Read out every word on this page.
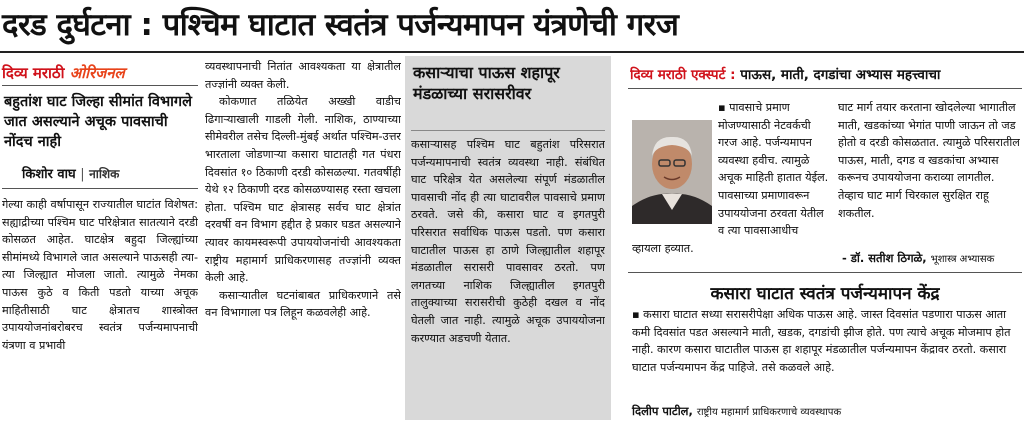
दरड दुर्घटना : पश्चिम घाटात स्वतंत्र पर्जन्यमापन यंत्रणेची गरज
दिव्य मराठी ओरिजनल
बहुतांश घाट जिल्हा सीमांत विभागले जात असल्याने अचूक पावसाची नोंदच नाही
किशोर वाघ | नाशिक

गेल्या काही वर्षापासून राज्यातील घाटांत विशेषत: सह्याद्रीच्या पश्चिम घाट परिक्षेत्रात सातत्याने दरडी कोसळत आहेत. घाटक्षेत्र बहुदा जिल्ह्यांच्या सीमांमध्ये विभागले जात असल्याने पाऊसही त्या-त्या जिल्ह्यात मोजला जातो. त्यामुळे नेमका पाऊस कुठे व किती पडतो याच्या अचूक माहितीसाठी घाट क्षेत्रातच शास्त्रोक्त उपाययोजनांबरोबरच स्वतंत्र पर्जन्यमापनाची यंत्रणा व प्रभावी

व्यवस्थापनाची नितांत आवश्यकता या क्षेत्रातील तज्ज्ञांनी व्यक्त केली.

कोकणात तळियेत अख्खी वाडीच ढिगाऱ्याखाली गाडली गेली. नाशिक, ठाण्याच्या सीमेवरील तसेच दिल्ली-मुंबई अर्थात पश्चिम-उत्तर भारताला जोडणाऱ्या कसारा घाटातही गत पंधरा दिवसांत १० ठिकाणी दरडी कोसळल्या. गतवर्षीही येथे १२ ठिकाणी दरड कोसळण्यासह रस्ता खचला होता. पश्चिम घाट क्षेत्रासह सर्वच घाट क्षेत्रांत दरवर्षी वन विभाग हद्दीत हे प्रकार घडत असल्याने त्यावर कायमस्वरूपी उपाययोजनांची आवश्यकता राष्ट्रीय महामार्ग प्राधिकरणासह तज्ज्ञांनी व्यक्त केली आहे.

कसाऱ्यातील घटनांबाबत प्राधिकरणाने तसे वन विभागाला पत्र लिहून कळवलेही आहे.

कसाऱ्याचा पाऊस शहापूर मंडळाच्या सरासरीवर

कसाऱ्यासह पश्चिम घाट बहुतांश परिसरात पर्जन्यमापनाची स्वतंत्र व्यवस्था नाही. संबंधित घाट परिक्षेत्र येत असलेल्या संपूर्ण मंडळातील पावसाची नोंद ही त्या घाटावरील पावसाचे प्रमाण ठरवते. जसे की, कसारा घाट व इगतपुरी परिसरात सर्वाधिक पाऊस पडतो. पण कसारा घाटातील पाऊस हा ठाणे जिल्ह्यातील शहापूर मंडळातील सरासरी पावसावर ठरतो. पण लगतच्या नाशिक जिल्ह्यातील इगतपुरी तालुक्याच्या सरासरीची कुठेही दखल व नोंद घेतली जात नाही. त्यामुळे अचूक उपाययोजना करण्यात अडचणी येतात.

दिव्य मराठी एक्स्पर्ट : पाऊस, माती, दगडांचा अभ्यास महत्त्वाचा
▪ पावसाचे प्रमाण मोजण्यासाठी नेटवर्कची गरज आहे. पर्जन्यमापन व्यवस्था हवीच. त्यामुळे अचूक माहिती हातात येईल. पावसाच्या प्रमाणावरून उपाययोजना ठरवता येतील व त्या पावसाआधीच व्हायला हव्यात.

घाट मार्ग तयार करताना खोदलेल्या भागातील माती, खडकांच्या भेगांत पाणी जाऊन तो जड होतो व दरडी कोसळतात. त्यामुळे परिसरातील पाऊस, माती, दगड व खडकांचा अभ्यास करूनच उपाययोजना कराव्या लागतील. तेव्हाच घाट मार्ग चिरकाल सुरक्षित राहू शकतील.

- डॉ. सतीश ठिगळे, भूशास्त्र अभ्यासक
कसारा घाटात स्वतंत्र पर्जन्यमापन केंद्र
▪ कसारा घाटात सध्या सरासरीपेक्षा अधिक पाऊस आहे. जास्त दिवसांत पडणारा पाऊस आता कमी दिवसांत पडत असल्याने माती, खडक, दगडांची झीज होते. पण त्याचे अचूक मोजमाप होत नाही. कारण कसारा घाटातील पाऊस हा शहापूर मंडळातील पर्जन्यमापन केंद्रावर ठरतो. कसारा घाटात पर्जन्यमापन केंद्र पाहिजे. तसे कळवले आहे.
दिलीप पाटील, राष्ट्रीय महामार्ग प्राधिकरणाचे व्यवस्थापक
